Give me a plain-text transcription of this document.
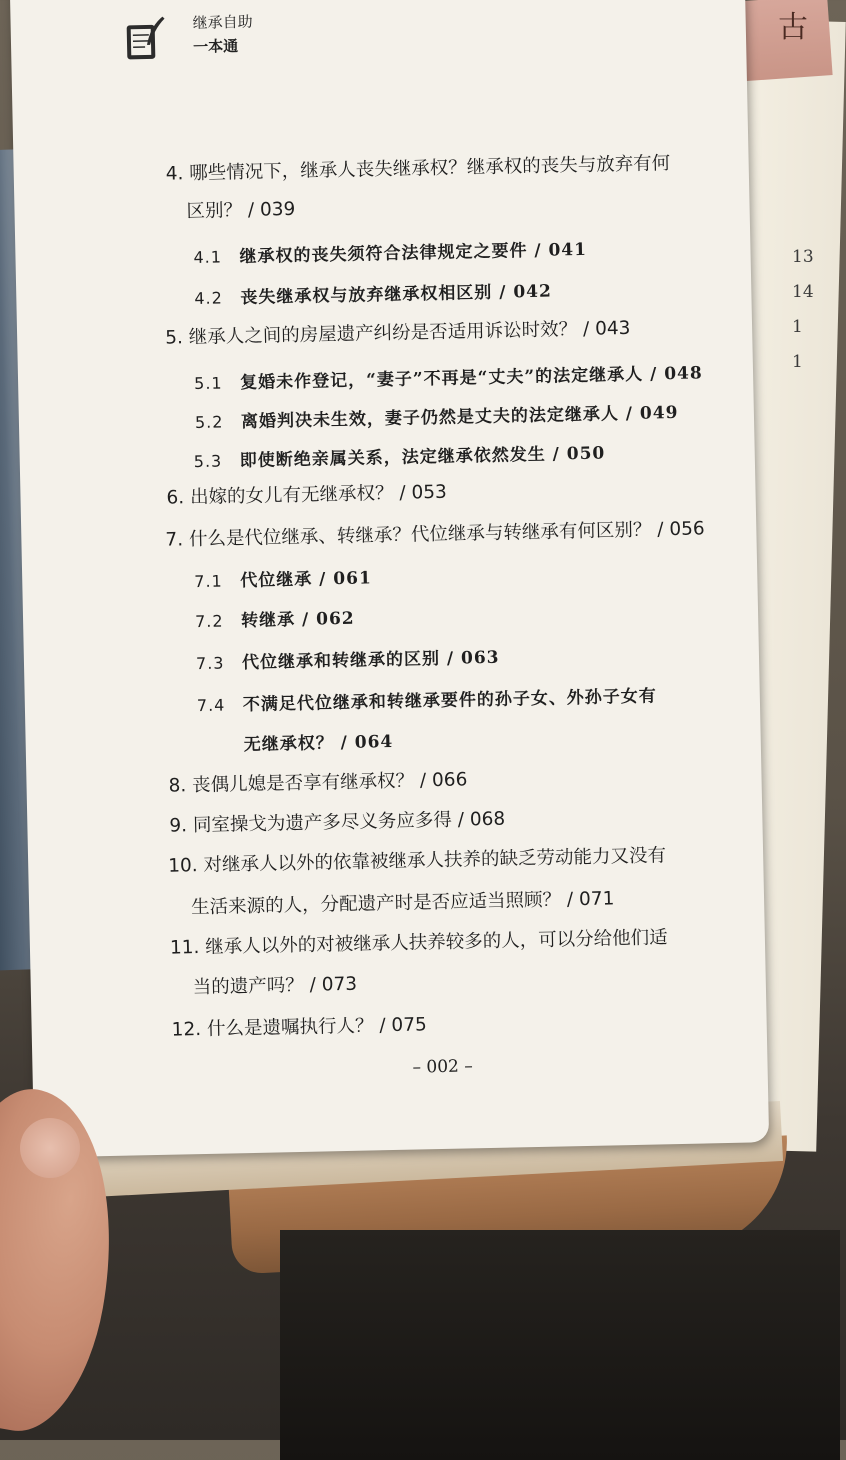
古
13
14
1
1
继承自助
一本通
4. 哪些情况下，继承人丧失继承权？继承权的丧失与放弃有何
区别？ / 039
4.1 继承权的丧失须符合法律规定之要件 / 041
4.2 丧失继承权与放弃继承权相区别 / 042
5. 继承人之间的房屋遗产纠纷是否适用诉讼时效？ / 043
5.1 复婚未作登记，“妻子”不再是“丈夫”的法定继承人 / 048
5.2 离婚判决未生效，妻子仍然是丈夫的法定继承人 / 049
5.3 即使断绝亲属关系，法定继承依然发生 / 050
6. 出嫁的女儿有无继承权？ / 053
7. 什么是代位继承、转继承？代位继承与转继承有何区别？ / 056
7.1 代位继承 / 061
7.2 转继承 / 062
7.3 代位继承和转继承的区别 / 063
7.4 不满足代位继承和转继承要件的孙子女、外孙子女有
无继承权？ / 064
8. 丧偶儿媳是否享有继承权？ / 066
9. 同室操戈为遗产多尽义务应多得 / 068
10. 对继承人以外的依靠被继承人扶养的缺乏劳动能力又没有
生活来源的人，分配遗产时是否应适当照顾？ / 071
11. 继承人以外的对被继承人扶养较多的人，可以分给他们适
当的遗产吗？ / 073
12. 什么是遗嘱执行人？ / 075
– 002 –
